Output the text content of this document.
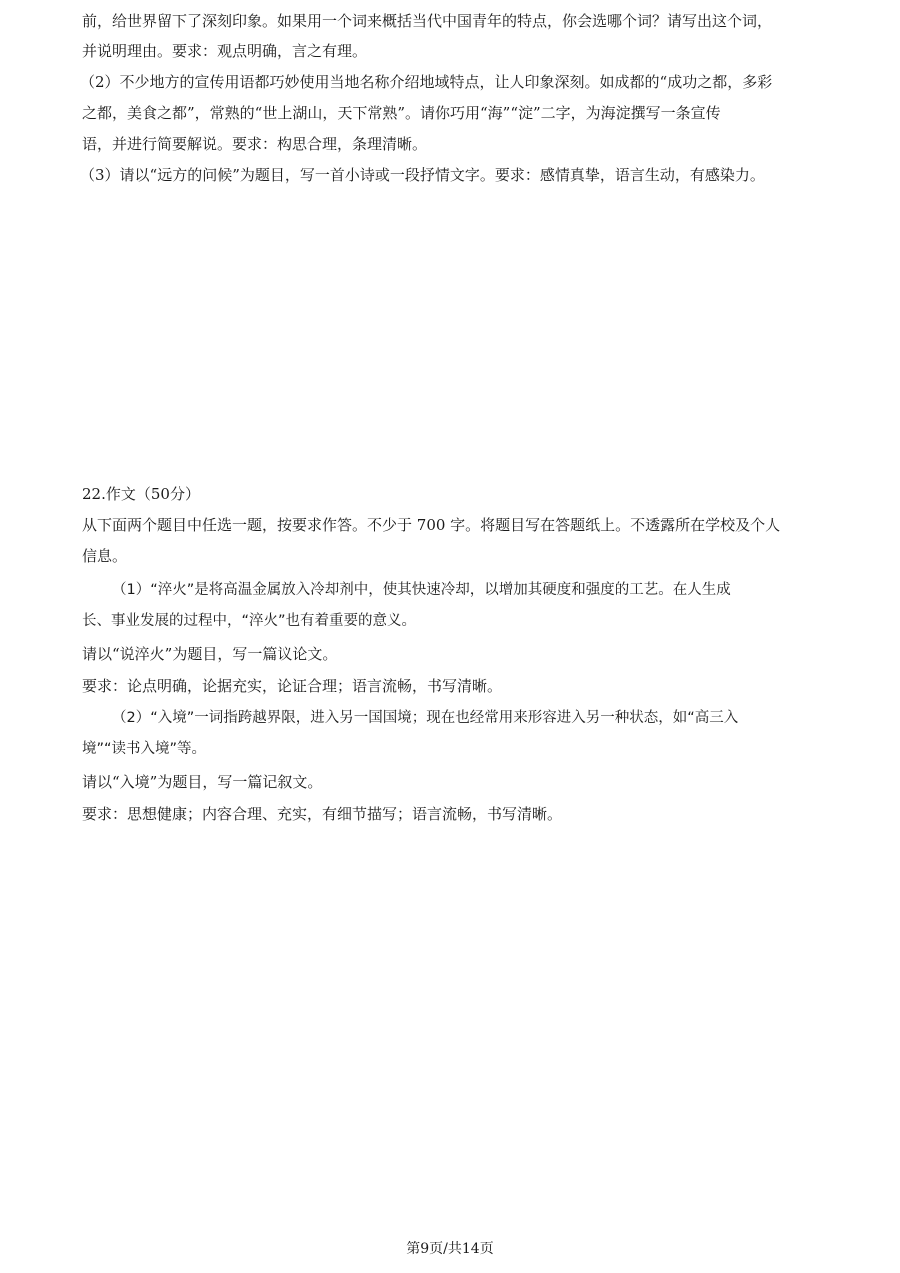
前，给世界留下了深刻印象。如果用一个词来概括当代中国青年的特点，你会选哪个词？请写出这个词，
并说明理由。要求：观点明确，言之有理。
（2）不少地方的宣传用语都巧妙使用当地名称介绍地域特点，让人印象深刻。如成都的“成功之都，多彩
之都，美食之都”，常熟的“世上湖山，天下常熟”。请你巧用“海”“淀”二字，为海淀撰写一条宣传
语，并进行简要解说。要求：构思合理，条理清晰。
（3）请以“远方的问候”为题目，写一首小诗或一段抒情文字。要求：感情真挚，语言生动，有感染力。
22.作文（50分）
从下面两个题目中任选一题，按要求作答。不少于 700 字。将题目写在答题纸上。不透露所在学校及个人
信息。
（1）“淬火”是将高温金属放入冷却剂中，使其快速冷却，以增加其硬度和强度的工艺。在人生成
长、事业发展的过程中，“淬火”也有着重要的意义。
请以“说淬火”为题目，写一篇议论文。
要求：论点明确，论据充实，论证合理；语言流畅，书写清晰。
（2）“入境”一词指跨越界限，进入另一国国境；现在也经常用来形容进入另一种状态，如“高三入
境”“读书入境”等。
请以“入境”为题目，写一篇记叙文。
要求：思想健康；内容合理、充实，有细节描写；语言流畅，书写清晰。
第9页/共14页
